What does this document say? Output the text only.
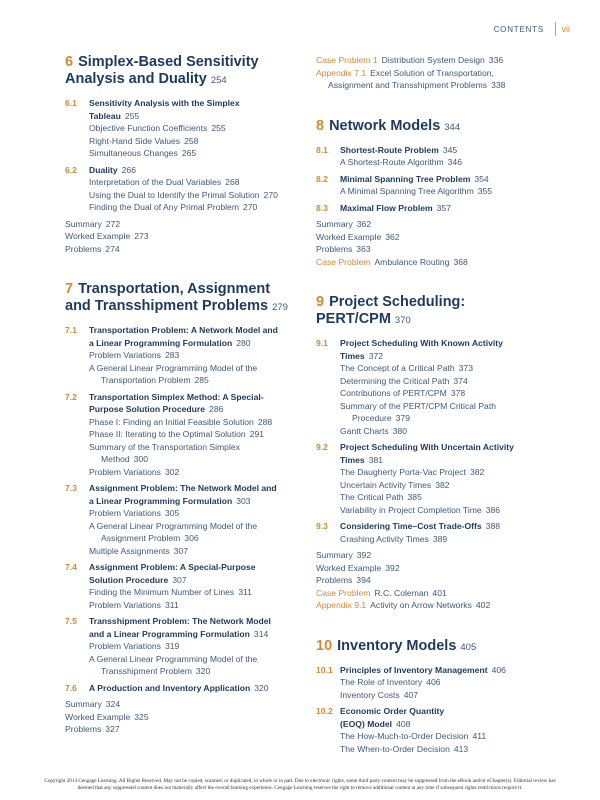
CONTENTS vii
6 Simplex-Based Sensitivity
Analysis and Duality 254
6.1	Sensitivity Analysis with the Simplex
Tableau 255
Objective Function Coefficients 255
Right-Hand Side Values 258
Simultaneous Changes 265
6.2	Duality 266
Interpretation of the Dual Variables 268
Using the Dual to Identify the Primal Solution 270
Finding the Dual of Any Primal Problem 270
Summary 272
Worked Example 273
Problems 274
7 Transportation, Assignment
and Transshipment Problems 279
7.1	Transportation Problem: A Network Model and
a Linear Programming Formulation 280
Problem Variations 283
A General Linear Programming Model of the
Transportation Problem 285
7.2	Transportation Simplex Method: A Special-
Purpose Solution Procedure 286
Phase I: Finding an Initial Feasible Solution 288
Phase II: Iterating to the Optimal Solution 291
Summary of the Transportation Simplex
Method 300
Problem Variations 302
7.3	Assignment Problem: The Network Model and
a Linear Programming Formulation 303
Problem Variations 305
A General Linear Programming Model of the
Assignment Problem 306
Multiple Assignments 307
7.4	Assignment Problem: A Special-Purpose
Solution Procedure 307
Finding the Minimum Number of Lines 311
Problem Variations 311
7.5	Transshipment Problem: The Network Model
and a Linear Programming Formulation 314
Problem Variations 319
A General Linear Programming Model of the
Transshipment Problem 320
7.6	A Production and Inventory Application 320
Summary 324
Worked Example 325
Problems 327
Case Problem 1 Distribution System Design 336
Appendix 7.1 Excel Solution of Transportation,
Assignment and Transshipment Problems 338
8 Network Models 344
8.1	Shortest-Route Problem 345
A Shortest-Route Algorithm 346
8.2	Minimal Spanning Tree Problem 354
A Minimal Spanning Tree Algorithm 355
8.3	Maximal Flow Problem 357
Summary 362
Worked Example 362
Problems 363
Case Problem Ambulance Routing 368
9 Project Scheduling:
PERT/CPM 370
9.1	Project Scheduling With Known Activity
Times 372
The Concept of a Critical Path 373
Determining the Critical Path 374
Contributions of PERT/CPM 378
Summary of the PERT/CPM Critical Path
Procedure 379
Gantt Charts 380
9.2	Project Scheduling With Uncertain Activity
Times 381
The Daugherty Porta-Vac Project 382
Uncertain Activity Times 382
The Critical Path 385
Variability in Project Completion Time 386
9.3	Considering Time–Cost Trade-Offs 388
Crashing Activity Times 389
Summary 392
Worked Example 392
Problems 394
Case Problem R.C. Coleman 401
Appendix 9.1 Activity on Arrow Networks 402
10 Inventory Models 405
10.1 Principles of Inventory Management 406
The Role of Inventory 406
Inventory Costs 407
10.2 Economic Order Quantity
(EOQ) Model 408
The How-Much-to-Order Decision 411
The When-to-Order Decision 413
Copyright 2014 Cengage Learning. All Rights Reserved. May not be copied, scanned, or duplicated, in whole or in part. Due to electronic rights, some third party content may be suppressed from the eBook and/or eChapter(s). Editorial review has
deemed that any suppressed content does not materially affect the overall learning experience. Cengage Learning reserves the right to remove additional content at any time if subsequent rights restrictions require it.
